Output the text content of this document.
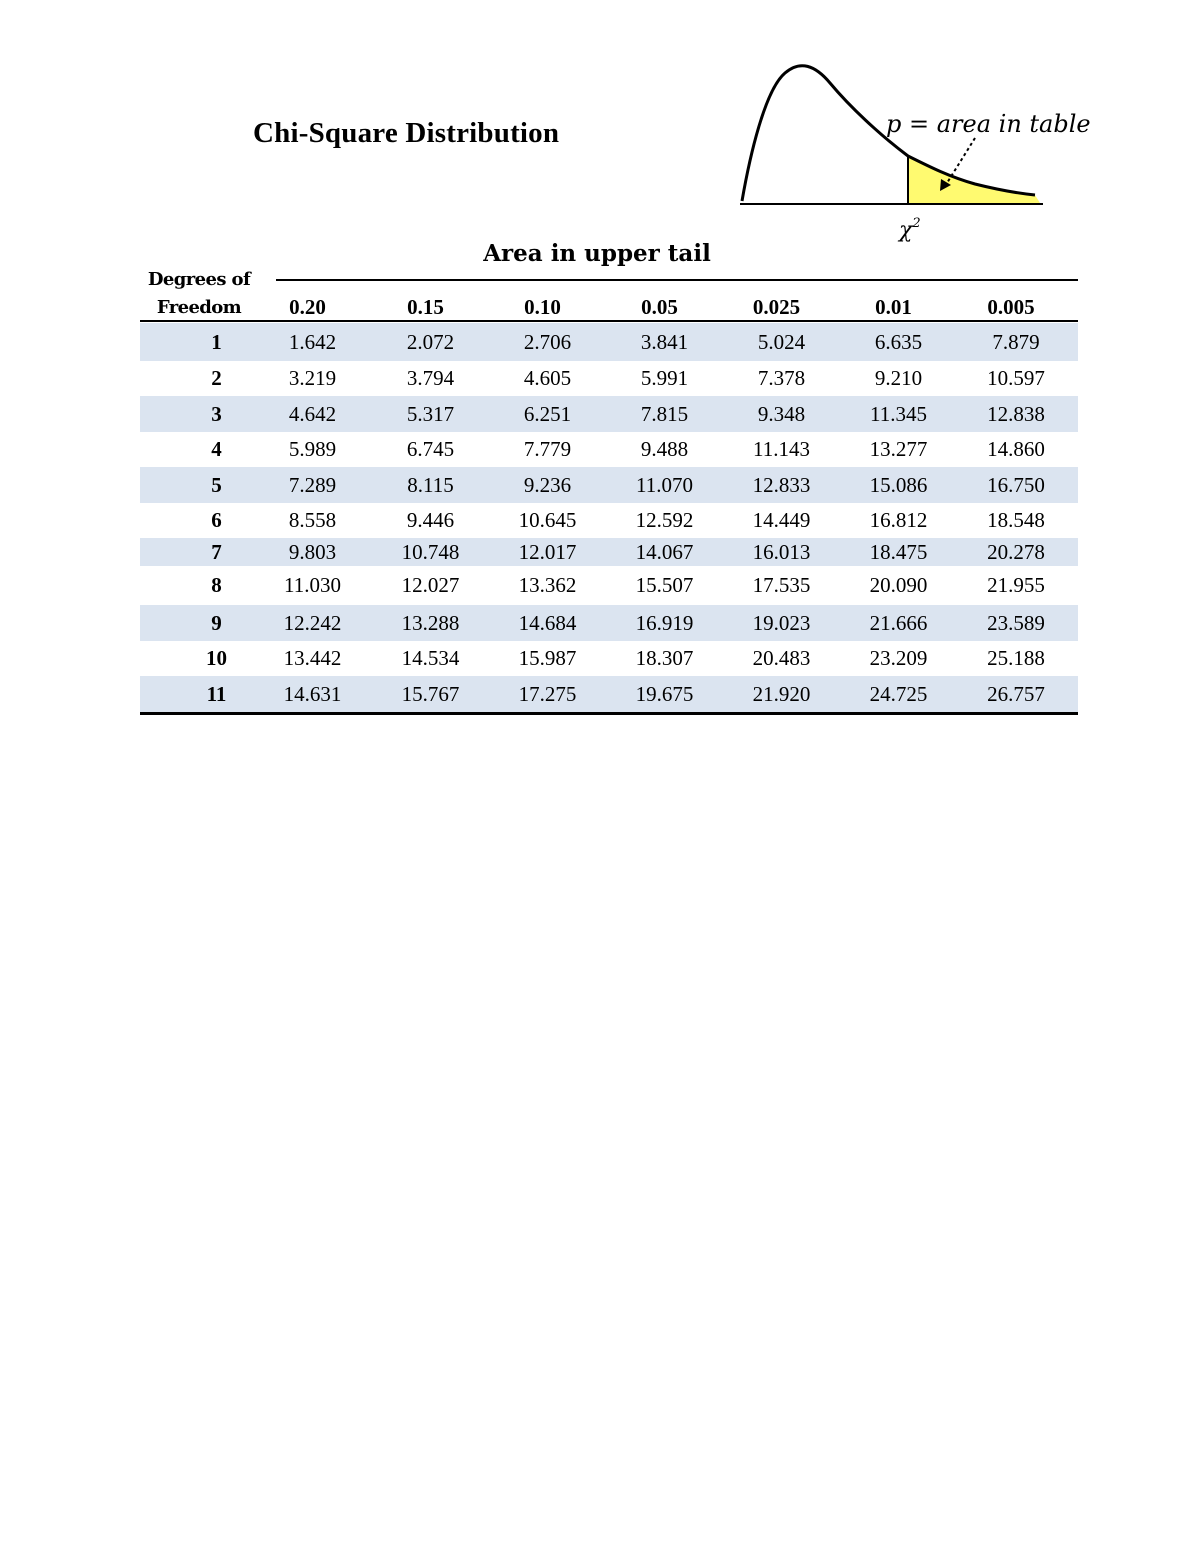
Chi-Square Distribution	p = area in table
$\chi^2$
Area in upper tail
Degrees of
Freedom	0.20	0.15	0.10	0.05	0.025	0.01	0.005
1	1.642	2.072	2.706	3.841	5.024	6.635	7.879
2	3.219	3.794	4.605	5.991	7.378	9.210	10.597
3	4.642	5.317	6.251	7.815	9.348	11.345	12.838
4	5.989	6.745	7.779	9.488	11.143	13.277	14.860
5	7.289	8.115	9.236	11.070	12.833	15.086	16.750
6	8.558	9.446	10.645	12.592	14.449	16.812	18.548
7	9.803	10.748	12.017	14.067	16.013	18.475	20.278
8	11.030	12.027	13.362	15.507	17.535	20.090	21.955
9	12.242	13.288	14.684	16.919	19.023	21.666	23.589
10	13.442	14.534	15.987	18.307	20.483	23.209	25.188
11	14.631	15.767	17.275	19.675	21.920	24.725	26.757
